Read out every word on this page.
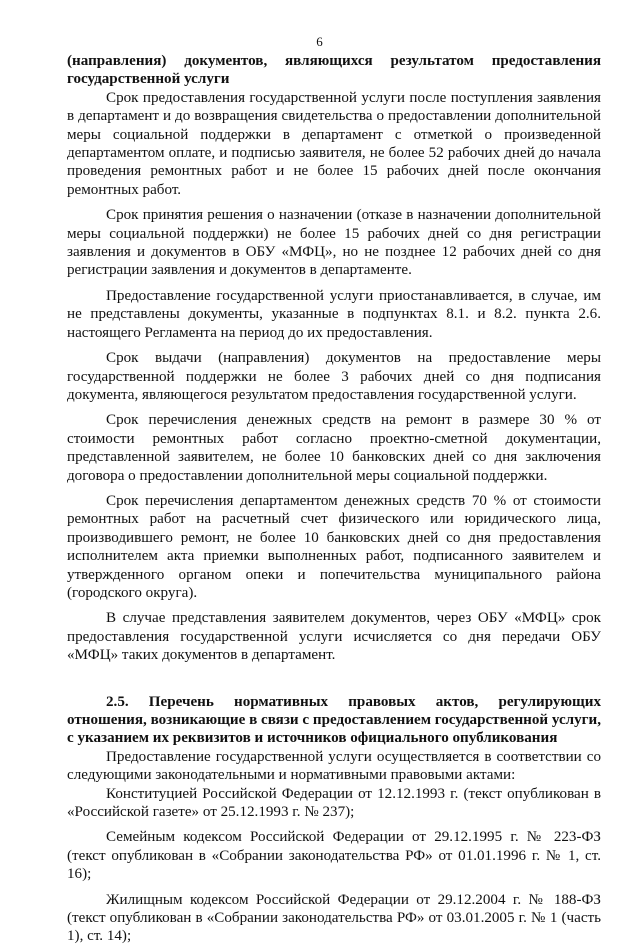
6

(направления) документов, являющихся результатом предоставления государственной услуги

Срок предоставления государственной услуги после поступления заявления в департамент и до возвращения свидетельства о предоставлении дополнительной меры социальной поддержки в департамент с отметкой о произведенной департаментом оплате, и подписью заявителя, не более 52 рабочих дней до начала проведения ремонтных работ и не более 15 рабочих дней после окончания ремонтных работ.

Срок принятия решения о назначении (отказе в назначении дополнительной меры социальной поддержки) не более 15 рабочих дней со дня регистрации заявления и документов в ОБУ «МФЦ», но не позднее 12 рабочих дней со дня регистрации заявления и документов в департаменте.

Предоставление государственной услуги приостанавливается, в случае, им не представлены документы, указанные в подпунктах 8.1. и 8.2. пункта 2.6. настоящего Регламента на период до их предоставления.

Срок выдачи (направления) документов на предоставление меры государственной поддержки не более 3 рабочих дней со дня подписания документа, являющегося результатом предоставления государственной услуги.

Срок перечисления денежных средств на ремонт в размере 30 % от стоимости ремонтных работ согласно проектно-сметной документации, представленной заявителем, не более 10 банковских дней со дня заключения договора о предоставлении дополнительной меры социальной поддержки.

Срок перечисления департаментом денежных средств 70 % от стоимости ремонтных работ на расчетный счет физического или юридического лица, производившего ремонт, не более 10 банковских дней со дня предоставления исполнителем акта приемки выполненных работ, подписанного заявителем и утвержденного органом опеки и попечительства муниципального района (городского округа).

В случае представления заявителем документов, через ОБУ «МФЦ» срок предоставления государственной услуги исчисляется со дня передачи ОБУ «МФЦ» таких документов в департамент.

2.5. Перечень нормативных правовых актов, регулирующих отношения, возникающие в связи с предоставлением государственной услуги, с указанием их реквизитов и источников официального опубликования

Предоставление государственной услуги осуществляется в соответствии со следующими законодательными и нормативными правовыми актами:

Конституцией Российской Федерации от 12.12.1993 г. (текст опубликован в «Российской газете» от 25.12.1993 г. № 237);

Семейным кодексом Российской Федерации от 29.12.1995 г. № 223-ФЗ (текст опубликован в «Собрании законодательства РФ» от 01.01.1996 г. № 1, ст. 16);

Жилищным кодексом Российской Федерации от 29.12.2004 г. № 188-ФЗ (текст опубликован в «Собрании законодательства РФ» от 03.01.2005 г. № 1 (часть 1), ст. 14);
